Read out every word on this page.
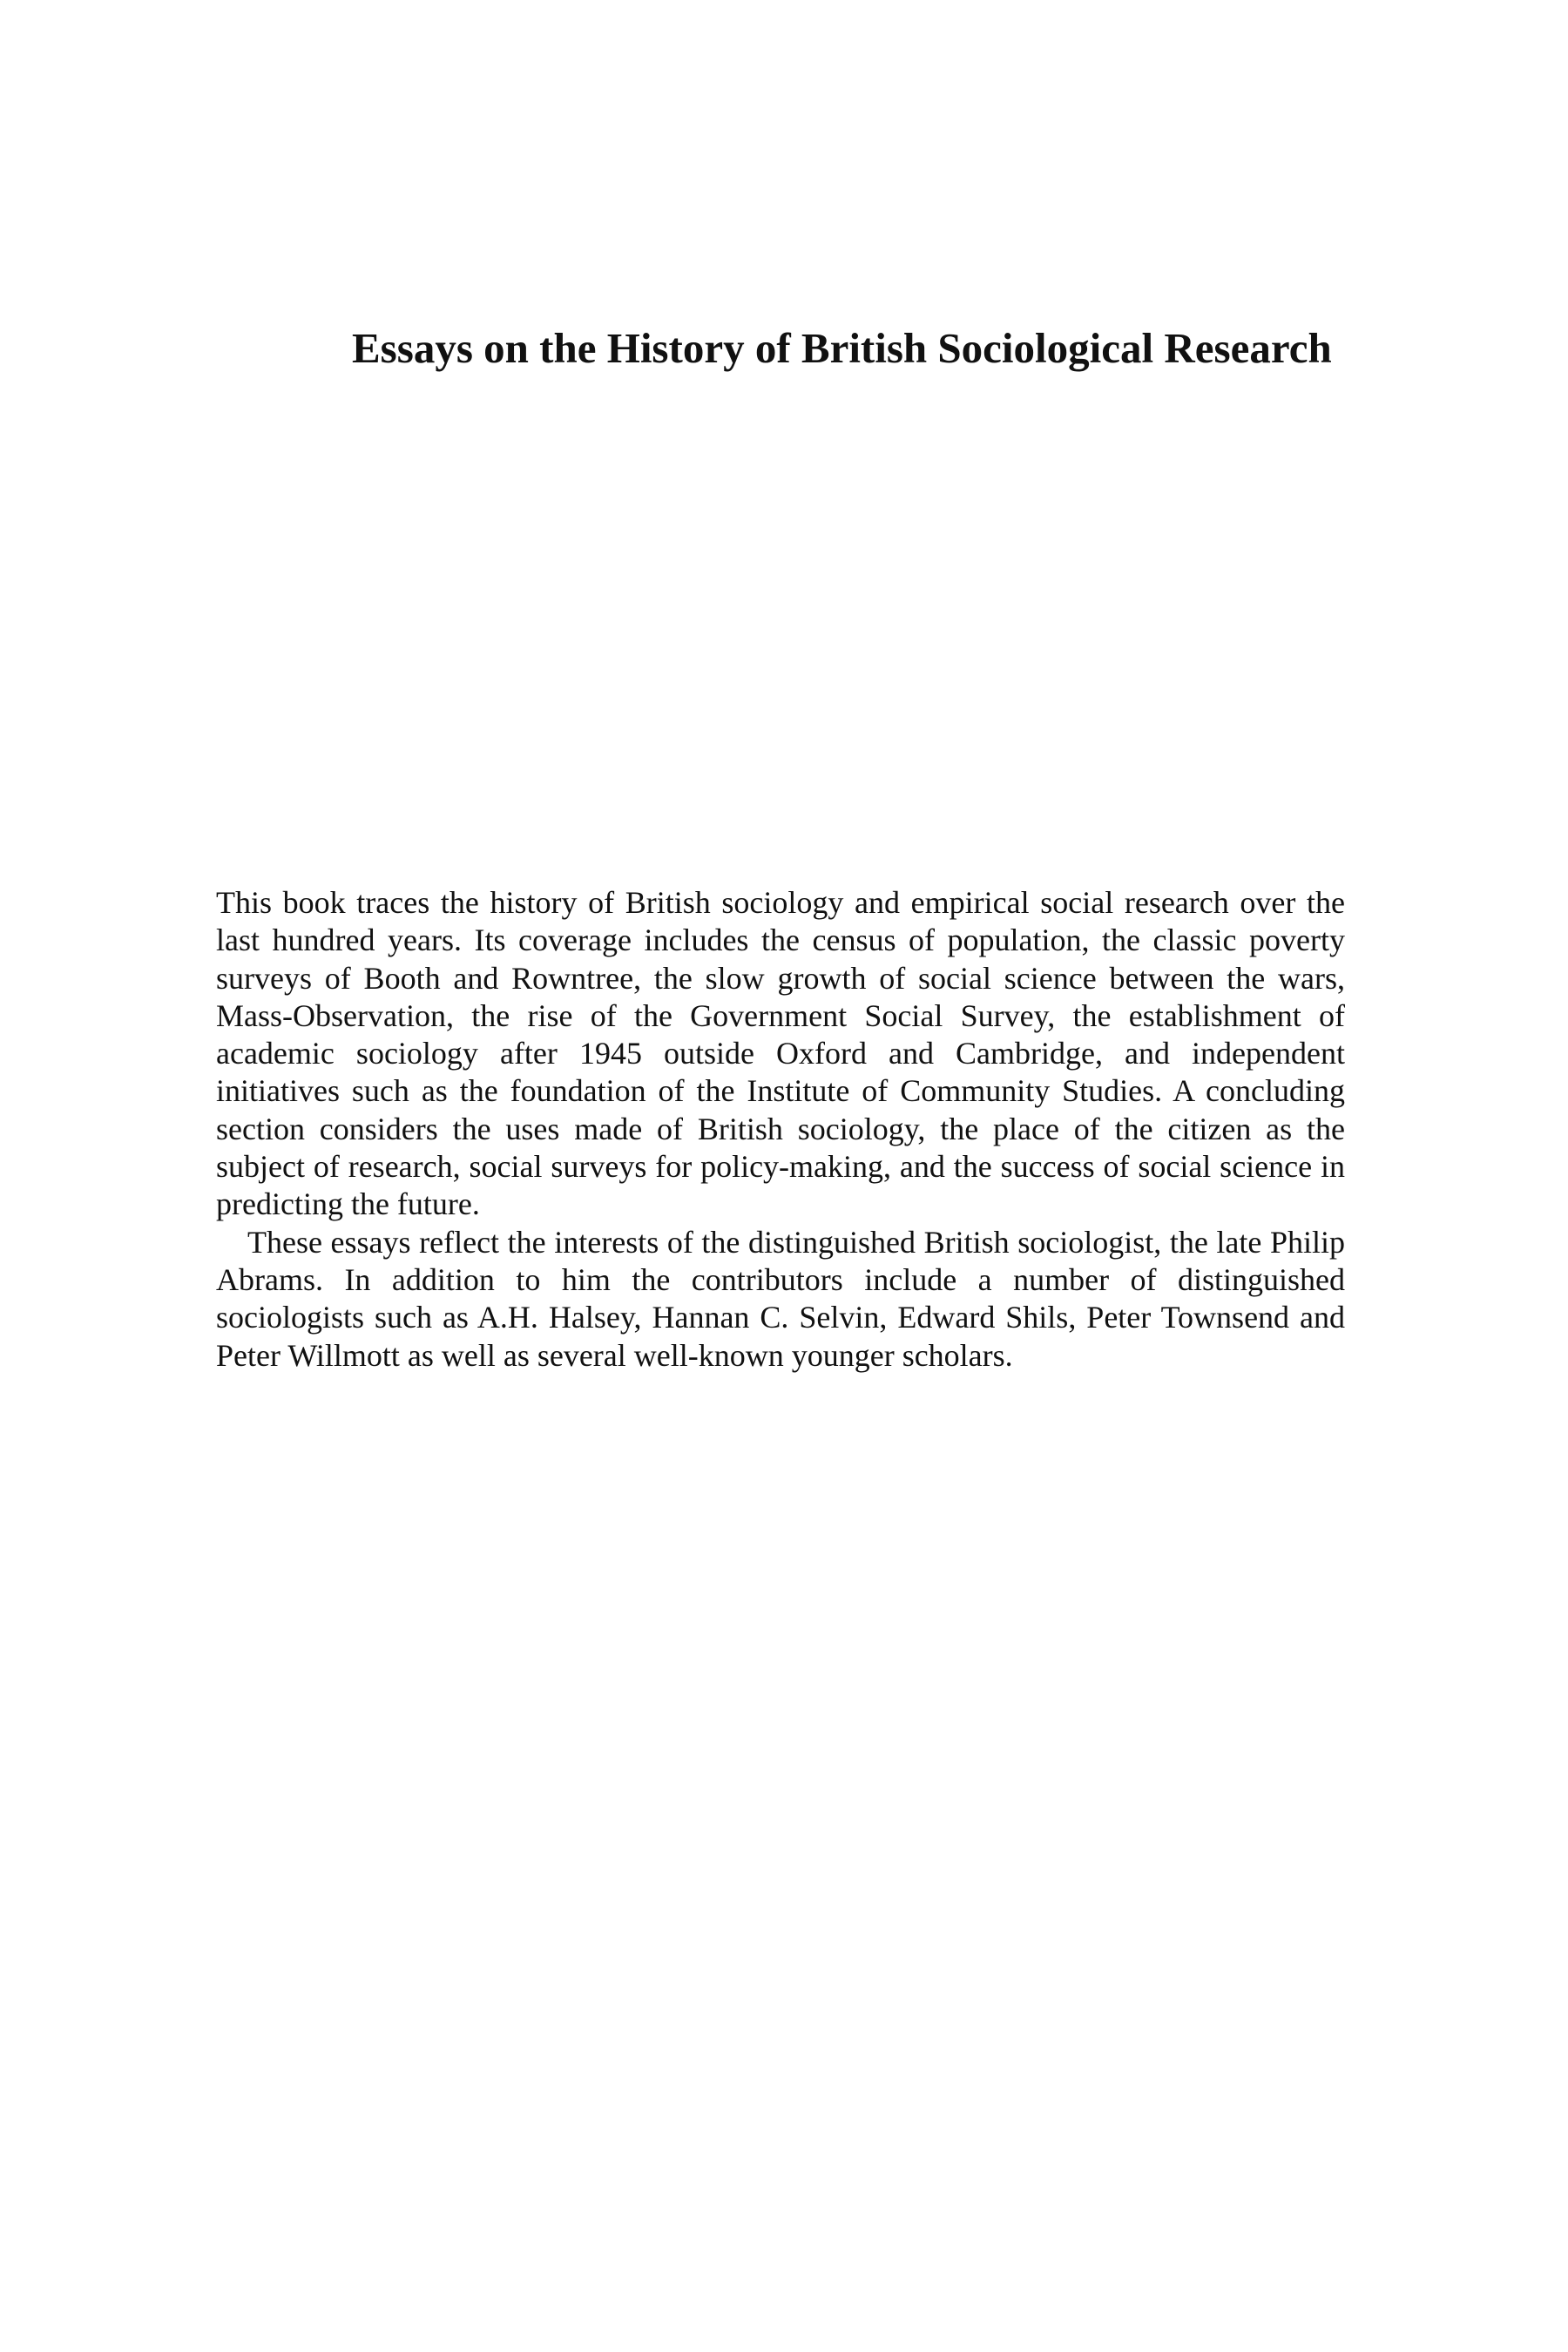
Essays on the History of British Sociological Research

This book traces the history of British sociology and empirical social research over the last hundred years. Its coverage includes the census of population, the classic poverty surveys of Booth and Rowntree, the slow growth of social science between the wars, Mass-Observation, the rise of the Government Social Survey, the establishment of academic sociology after 1945 outside Oxford and Cambridge, and independent initiatives such as the foundation of the Institute of Community Studies. A concluding section considers the uses made of British sociology, the place of the citizen as the subject of research, social surveys for policy-making, and the success of social science in predicting the future.

These essays reflect the interests of the distinguished British sociologist, the late Philip Abrams. In addition to him the contributors include a number of distinguished sociologists such as A.H. Halsey, Hannan C. Selvin, Edward Shils, Peter Townsend and Peter Willmott as well as several well-known younger scholars.
